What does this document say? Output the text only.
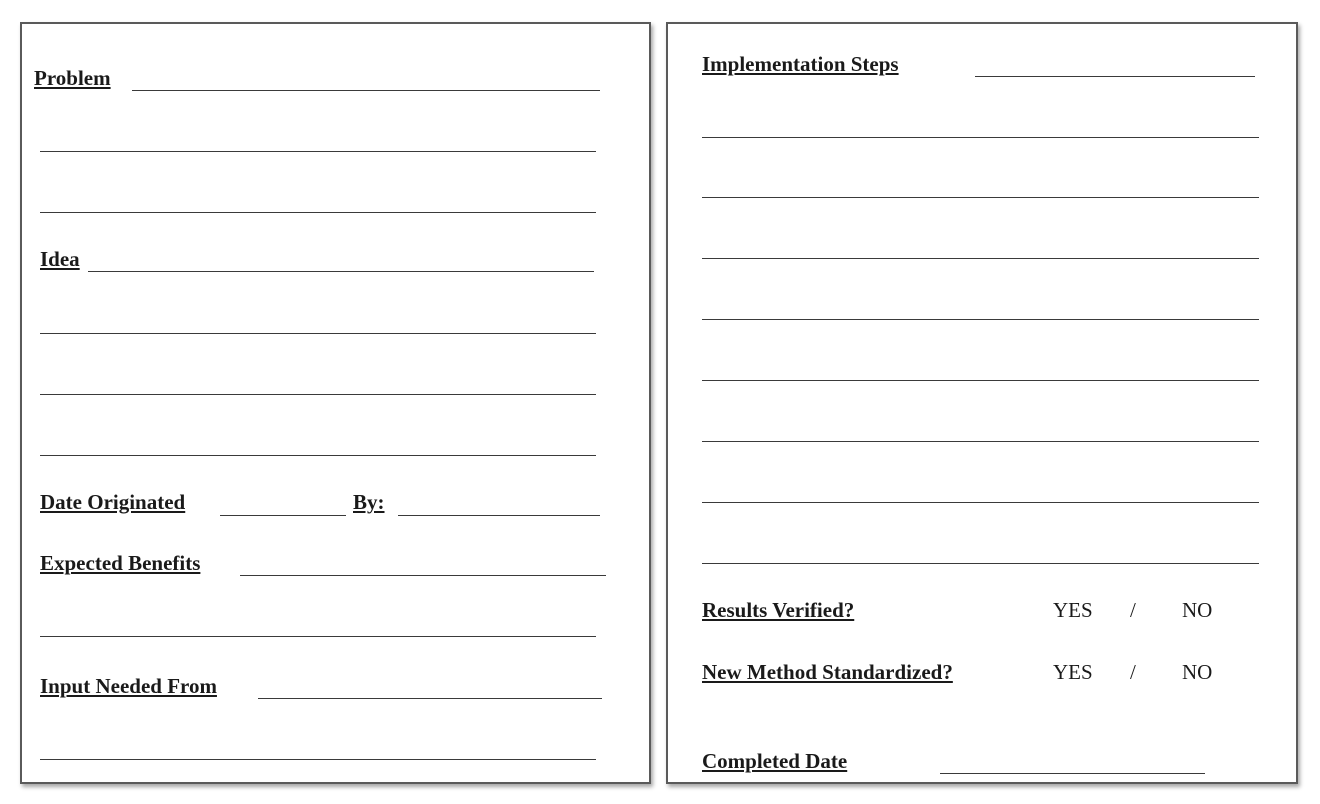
Problem
Idea
Date Originated	By:
Expected Benefits
Input Needed From
Implementation Steps
Results Verified?	YES / NO
New Method Standardized?	YES / NO
Completed Date
